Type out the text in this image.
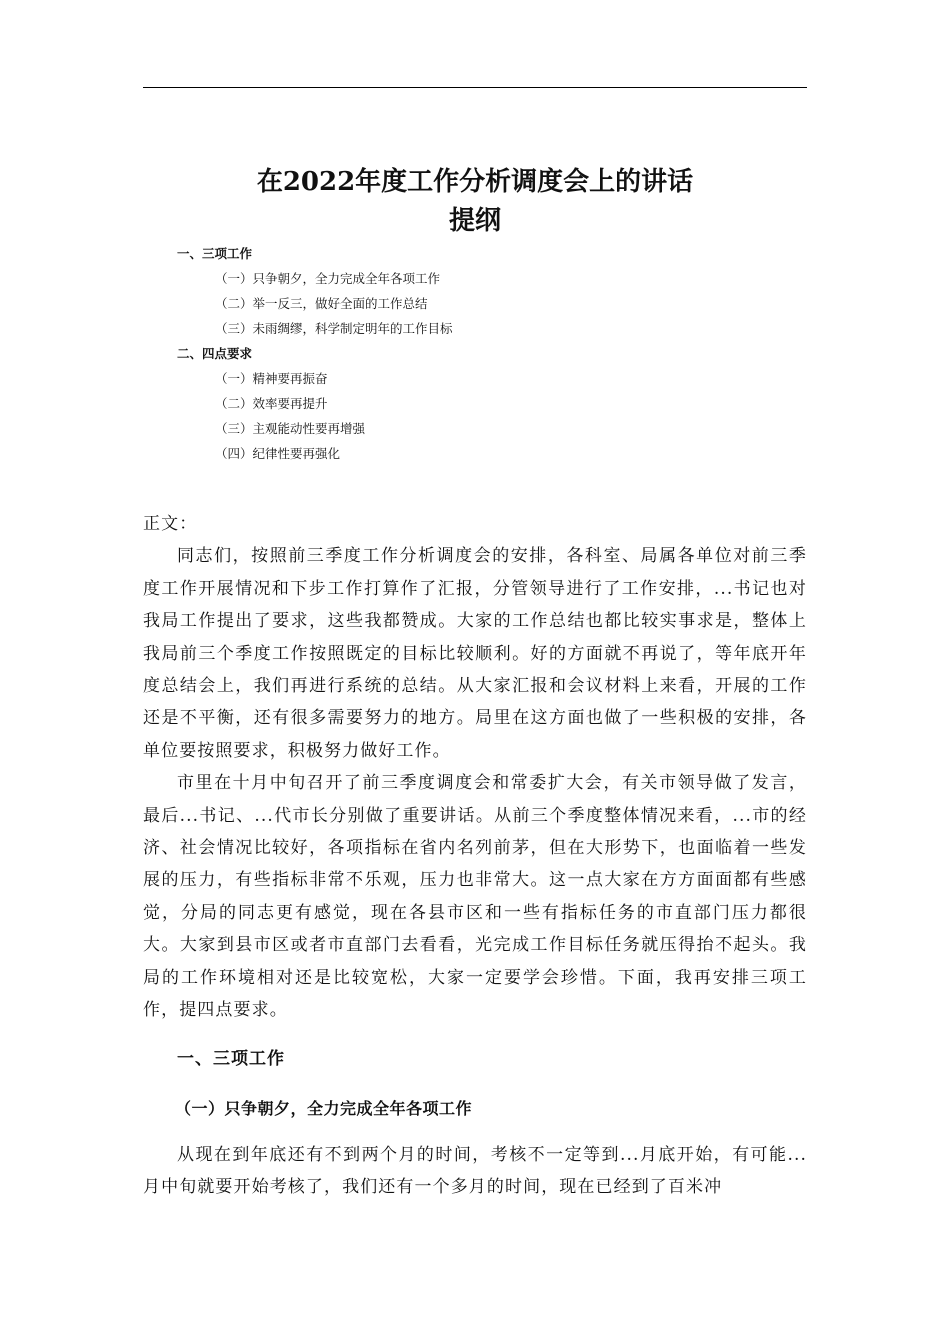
在2022年度工作分析调度会上的讲话
提纲
一、三项工作
（一）只争朝夕，全力完成全年各项工作
（二）举一反三，做好全面的工作总结
（三）未雨绸缪，科学制定明年的工作目标
二、四点要求
（一）精神要再振奋
（二）效率要再提升
（三）主观能动性要再增强
（四）纪律性要再强化

正文：

同志们，按照前三季度工作分析调度会的安排，各科室、局属各单位对前三季度工作开展情况和下步工作打算作了汇报，分管领导进行了工作安排，...书记也对我局工作提出了要求，这些我都赞成。大家的工作总结也都比较实事求是，整体上我局前三个季度工作按照既定的目标比较顺利。好的方面就不再说了，等年底开年度总结会上，我们再进行系统的总结。从大家汇报和会议材料上来看，开展的工作还是不平衡，还有很多需要努力的地方。局里在这方面也做了一些积极的安排，各单位要按照要求，积极努力做好工作。

市里在十月中旬召开了前三季度调度会和常委扩大会，有关市领导做了发言，最后...书记、...代市长分别做了重要讲话。从前三个季度整体情况来看，...市的经济、社会情况比较好，各项指标在省内名列前茅，但在大形势下，也面临着一些发展的压力，有些指标非常不乐观，压力也非常大。这一点大家在方方面面都有些感觉，分局的同志更有感觉，现在各县市区和一些有指标任务的市直部门压力都很大。大家到县市区或者市直部门去看看，光完成工作目标任务就压得抬不起头。我局的工作环境相对还是比较宽松，大家一定要学会珍惜。下面，我再安排三项工作，提四点要求。

一、三项工作
（一）只争朝夕，全力完成全年各项工作

从现在到年底还有不到两个月的时间，考核不一定等到...月底开始，有可能...月中旬就要开始考核了，我们还有一个多月的时间，现在已经到了百米冲
